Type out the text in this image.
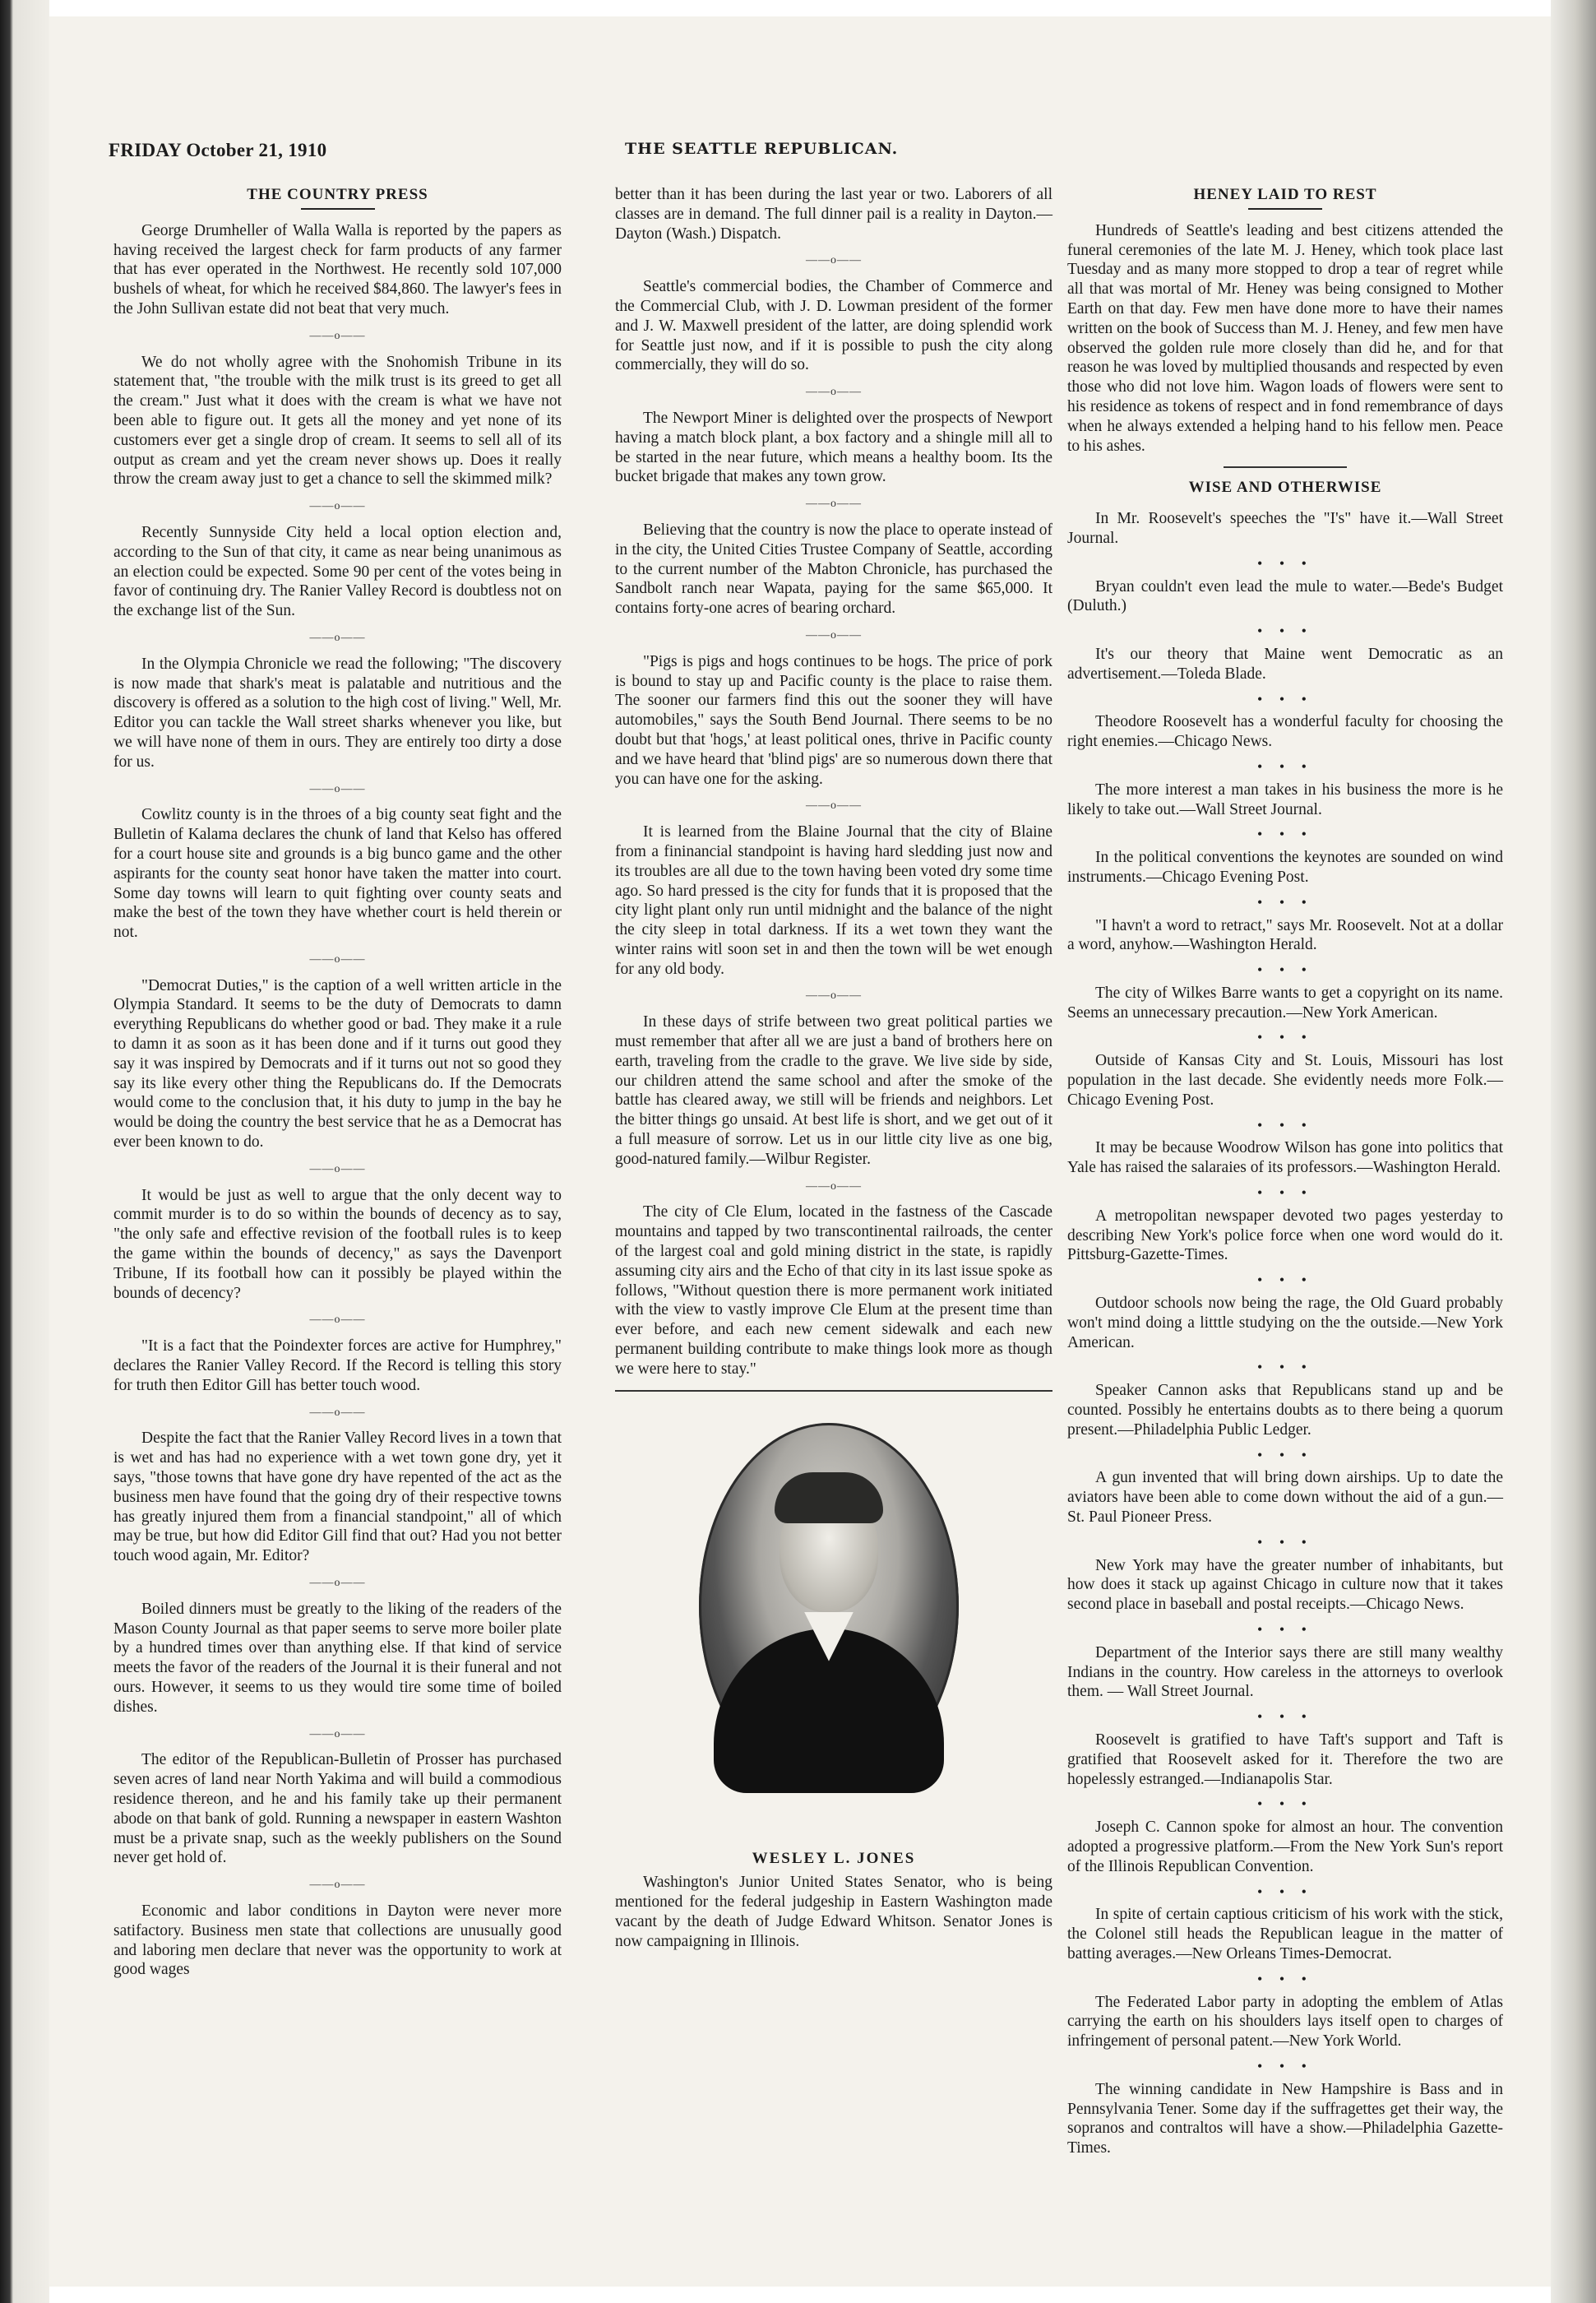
FRIDAY October 21, 1910	THE SEATTLE REPUBLICAN.
THE COUNTRY PRESS

George Drumheller of Walla Walla is reported by the papers as having received the largest check for farm products of any farmer that has ever operated in the Northwest. He recently sold 107,000 bushels of wheat, for which he received $84,860. The lawyer's fees in the John Sullivan estate did not beat that very much.

——o——

We do not wholly agree with the Snohomish Tribune in its statement that, "the trouble with the milk trust is its greed to get all the cream." Just what it does with the cream is what we have not been able to figure out. It gets all the money and yet none of its customers ever get a single drop of cream. It seems to sell all of its output as cream and yet the cream never shows up. Does it really throw the cream away just to get a chance to sell the skimmed milk?

——o——

Recently Sunnyside City held a local option election and, according to the Sun of that city, it came as near being unanimous as an election could be expected. Some 90 per cent of the votes being in favor of continuing dry. The Ranier Valley Record is doubtless not on the exchange list of the Sun.

——o——

In the Olympia Chronicle we read the following; "The discovery is now made that shark's meat is palatable and nutritious and the discovery is offered as a solution to the high cost of living." Well, Mr. Editor you can tackle the Wall street sharks whenever you like, but we will have none of them in ours. They are entirely too dirty a dose for us.

——o——

Cowlitz county is in the throes of a big county seat fight and the Bulletin of Kalama declares the chunk of land that Kelso has offered for a court house site and grounds is a big bunco game and the other aspirants for the county seat honor have taken the matter into court. Some day towns will learn to quit fighting over county seats and make the best of the town they have whether court is held therein or not.

——o——

"Democrat Duties," is the caption of a well written article in the Olympia Standard. It seems to be the duty of Democrats to damn everything Republicans do whether good or bad. They make it a rule to damn it as soon as it has been done and if it turns out good they say it was inspired by Democrats and if it turns out not so good they say its like every other thing the Republicans do. If the Democrats would come to the conclusion that, it his duty to jump in the bay he would be doing the country the best service that he as a Democrat has ever been known to do.

——o——

It would be just as well to argue that the only decent way to commit murder is to do so within the bounds of decency as to say, "the only safe and effective revision of the football rules is to keep the game within the bounds of decency," as says the Davenport Tribune, If its football how can it possibly be played within the bounds of decency?

——o——

"It is a fact that the Poindexter forces are active for Humphrey," declares the Ranier Valley Record. If the Record is telling this story for truth then Editor Gill has better touch wood.

——o——

Despite the fact that the Ranier Valley Record lives in a town that is wet and has had no experience with a wet town gone dry, yet it says, "those towns that have gone dry have repented of the act as the business men have found that the going dry of their respective towns has greatly injured them from a financial standpoint," all of which may be true, but how did Editor Gill find that out? Had you not better touch wood again, Mr. Editor?

——o——

Boiled dinners must be greatly to the liking of the readers of the Mason County Journal as that paper seems to serve more boiler plate by a hundred times over than anything else. If that kind of service meets the favor of the readers of the Journal it is their funeral and not ours. However, it seems to us they would tire some time of boiled dishes.

——o——

The editor of the Republican-Bulletin of Prosser has purchased seven acres of land near North Yakima and will build a commodious residence thereon, and he and his family take up their permanent abode on that bank of gold. Running a newspaper in eastern Washton must be a private snap, such as the weekly publishers on the Sound never get hold of.

——o——

Economic and labor conditions in Dayton were never more satifactory. Business men state that collections are unusually good and laboring men declare that never was the opportunity to work at good wages

better than it has been during the last year or two. Laborers of all classes are in demand. The full dinner pail is a reality in Dayton.—Dayton (Wash.) Dispatch.

——o——

Seattle's commercial bodies, the Chamber of Commerce and the Commercial Club, with J. D. Lowman president of the former and J. W. Maxwell president of the latter, are doing splendid work for Seattle just now, and if it is possible to push the city along commercially, they will do so.

——o——

The Newport Miner is delighted over the prospects of Newport having a match block plant, a box factory and a shingle mill all to be started in the near future, which means a healthy boom. Its the bucket brigade that makes any town grow.

——o——

Believing that the country is now the place to operate instead of in the city, the United Cities Trustee Company of Seattle, according to the current number of the Mabton Chronicle, has purchased the Sandbolt ranch near Wapata, paying for the same $65,000. It contains forty-one acres of bearing orchard.

——o——

"Pigs is pigs and hogs continues to be hogs. The price of pork is bound to stay up and Pacific county is the place to raise them. The sooner our farmers find this out the sooner they will have automobiles," says the South Bend Journal. There seems to be no doubt but that 'hogs,' at least political ones, thrive in Pacific county and we have heard that 'blind pigs' are so numerous down there that you can have one for the asking.

——o——

It is learned from the Blaine Journal that the city of Blaine from a fininancial standpoint is having hard sledding just now and its troubles are all due to the town having been voted dry some time ago. So hard pressed is the city for funds that it is proposed that the city light plant only run until midnight and the balance of the night the city sleep in total darkness. If its a wet town they want the winter rains witl soon set in and then the town will be wet enough for any old body.

——o——

In these days of strife between two great political parties we must remember that after all we are just a band of brothers here on earth, traveling from the cradle to the grave. We live side by side, our children attend the same school and after the smoke of the battle has cleared away, we still will be friends and neighbors. Let the bitter things go unsaid. At best life is short, and we get out of it a full measure of sorrow. Let us in our little city live as one big, good-natured family.—Wilbur Register.

——o——

The city of Cle Elum, located in the fastness of the Cascade mountains and tapped by two transcontinental railroads, the center of the largest coal and gold mining district in the state, is rapidly assuming city airs and the Echo of that city in its last issue spoke as follows, "Without question there is more permanent work initiated with the view to vastly improve Cle Elum at the present time than ever before, and each new cement sidewalk and each new permanent building contribute to make things look more as though we were here to stay."

WESLEY L. JONES

Washington's Junior United States Senator, who is being mentioned for the federal judgeship in Eastern Washington made vacant by the death of Judge Edward Whitson. Senator Jones is now campaigning in Illinois.

HENEY LAID TO REST

Hundreds of Seattle's leading and best citizens attended the funeral ceremonies of the late M. J. Heney, which took place last Tuesday and as many more stopped to drop a tear of regret while all that was mortal of Mr. Heney was being consigned to Mother Earth on that day. Few men have done more to have their names written on the book of Success than M. J. Heney, and few men have observed the golden rule more closely than did he, and for that reason he was loved by multiplied thousands and respected by even those who did not love him. Wagon loads of flowers were sent to his residence as tokens of respect and in fond remembrance of days when he always extended a helping hand to his fellow men. Peace to his ashes.

WISE AND OTHERWISE

In Mr. Roosevelt's speeches the "I's" have it.—Wall Street Journal.

• • •

Bryan couldn't even lead the mule to water.—Bede's Budget (Duluth.)

• • •

It's our theory that Maine went Democratic as an advertisement.—Toleda Blade.

• • •

Theodore Roosevelt has a wonderful faculty for choosing the right enemies.—Chicago News.

• • •

The more interest a man takes in his business the more is he likely to take out.—Wall Street Journal.

• • •

In the political conventions the keynotes are sounded on wind instruments.—Chicago Evening Post.

• • •

"I havn't a word to retract," says Mr. Roosevelt. Not at a dollar a word, anyhow.—Washington Herald.

• • •

The city of Wilkes Barre wants to get a copyright on its name. Seems an unnecessary precaution.—New York American.

• • •

Outside of Kansas City and St. Louis, Missouri has lost population in the last decade. She evidently needs more Folk.—Chicago Evening Post.

• • •

It may be because Woodrow Wilson has gone into politics that Yale has raised the salaraies of its professors.—Washington Herald.

• • •

A metropolitan newspaper devoted two pages yesterday to describing New York's police force when one word would do it. Pittsburg-Gazette-Times.

• • •

Outdoor schools now being the rage, the Old Guard probably won't mind doing a litttle studying on the the outside.—New York American.

• • •

Speaker Cannon asks that Republicans stand up and be counted. Possibly he entertains doubts as to there being a quorum present.—Philadelphia Public Ledger.

• • •

A gun invented that will bring down airships. Up to date the aviators have been able to come down without the aid of a gun.—St. Paul Pioneer Press.

• • •

New York may have the greater number of inhabitants, but how does it stack up against Chicago in culture now that it takes second place in baseball and postal receipts.—Chicago News.

• • •

Department of the Interior says there are still many wealthy Indians in the country. How careless in the attorneys to overlook them. — Wall Street Journal.

• • •

Roosevelt is gratified to have Taft's support and Taft is gratified that Roosevelt asked for it. Therefore the two are hopelessly estranged.—Indianapolis Star.

• • •

Joseph C. Cannon spoke for almost an hour. The convention adopted a progressive platform.—From the New York Sun's report of the Illinois Republican Convention.

• • •

In spite of certain captious criticism of his work with the stick, the Colonel still heads the Republican league in the matter of batting averages.—New Orleans Times-Democrat.

• • •

The Federated Labor party in adopting the emblem of Atlas carrying the earth on his shoulders lays itself open to charges of infringement of personal patent.—New York World.

• • •

The winning candidate in New Hampshire is Bass and in Pennsylvania Tener. Some day if the suffragettes get their way, the sopranos and contraltos will have a show.—Philadelphia Gazette-Times.
